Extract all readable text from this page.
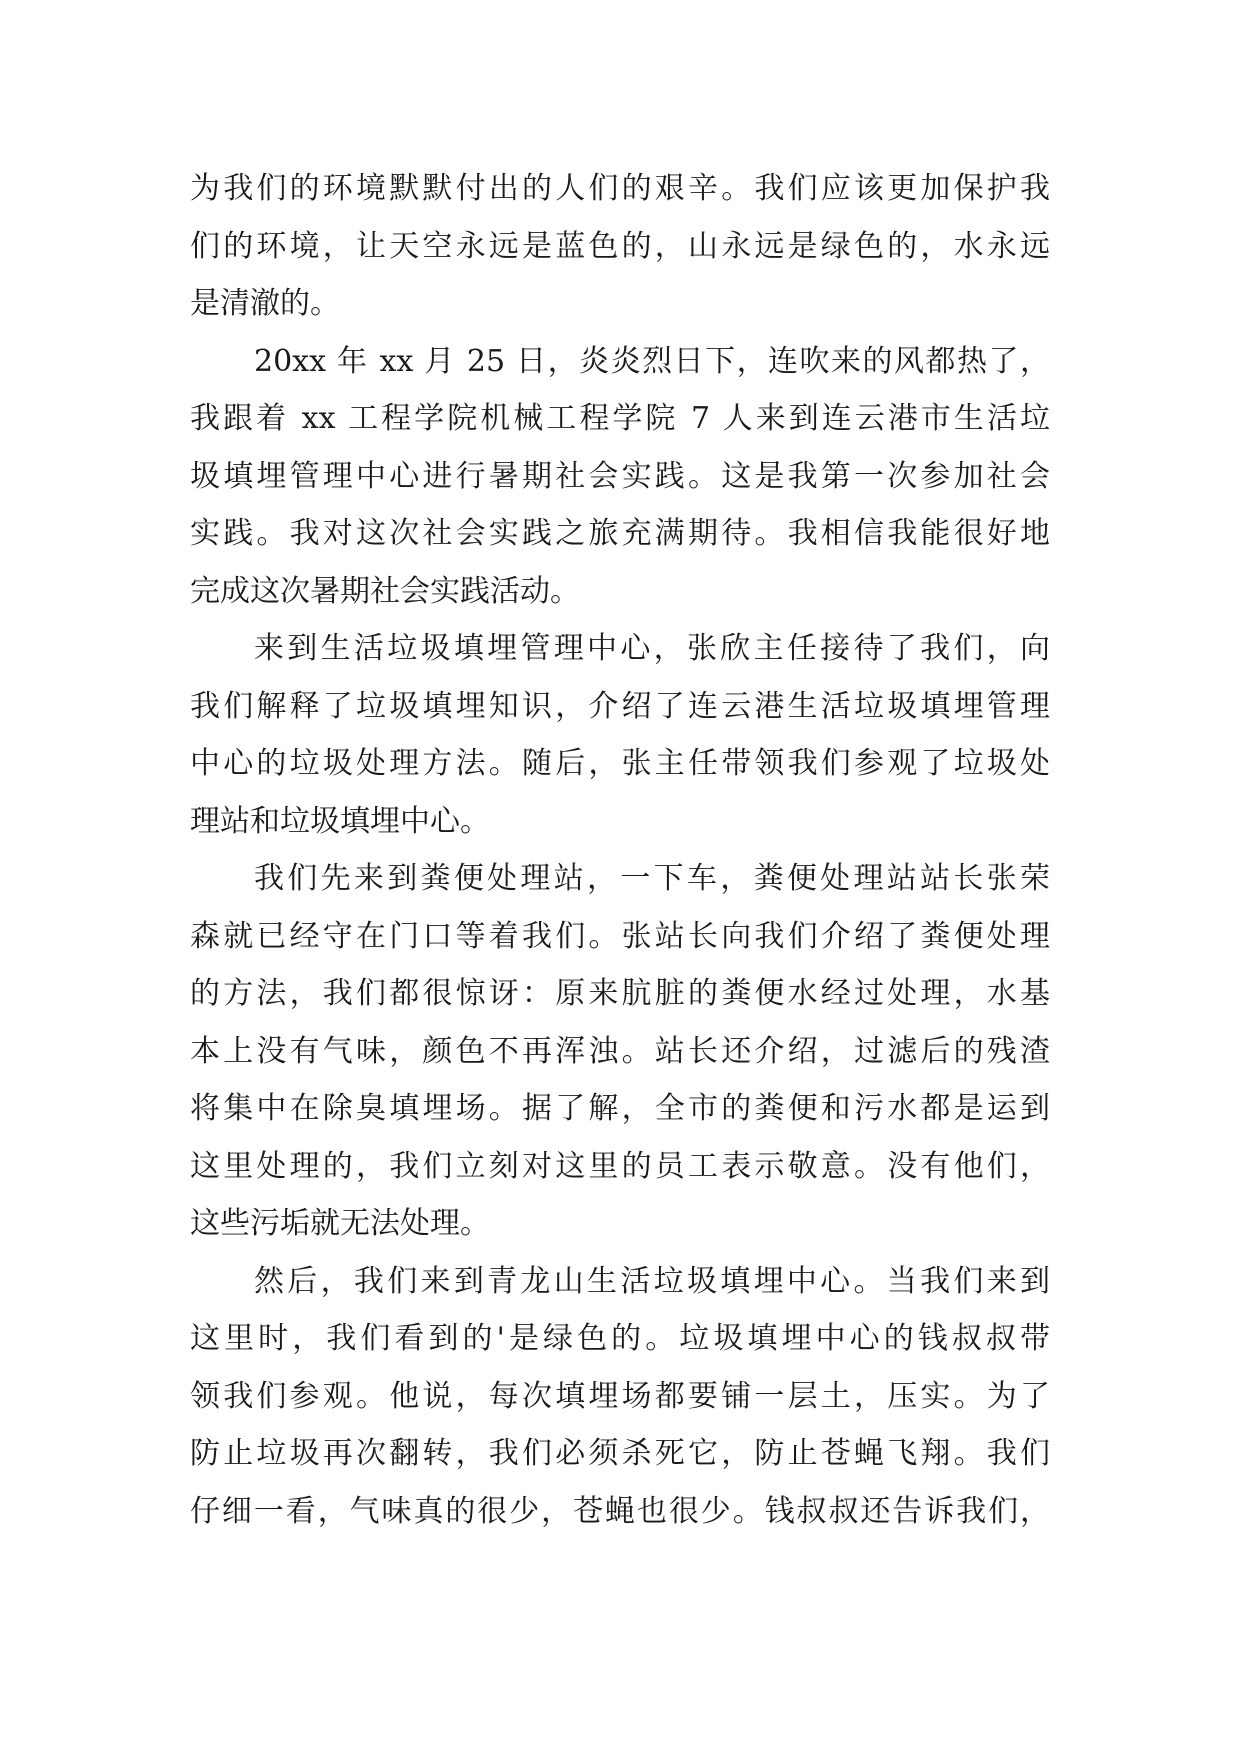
为我们的环境默默付出的人们的艰辛。我们应该更加保护我
们的环境，让天空永远是蓝色的，山永远是绿色的，水永远
是清澈的。
20xx 年 xx 月 25 日，炎炎烈日下，连吹来的风都热了，
我跟着 xx 工程学院机械工程学院 7 人来到连云港市生活垃
圾填埋管理中心进行暑期社会实践。这是我第一次参加社会
实践。我对这次社会实践之旅充满期待。我相信我能很好地
完成这次暑期社会实践活动。
来到生活垃圾填埋管理中心，张欣主任接待了我们，向
我们解释了垃圾填埋知识，介绍了连云港生活垃圾填埋管理
中心的垃圾处理方法。随后，张主任带领我们参观了垃圾处
理站和垃圾填埋中心。
我们先来到粪便处理站，一下车，粪便处理站站长张荣
森就已经守在门口等着我们。张站长向我们介绍了粪便处理
的方法，我们都很惊讶：原来肮脏的粪便水经过处理，水基
本上没有气味，颜色不再浑浊。站长还介绍，过滤后的残渣
将集中在除臭填埋场。据了解，全市的粪便和污水都是运到
这里处理的，我们立刻对这里的员工表示敬意。没有他们，
这些污垢就无法处理。
然后，我们来到青龙山生活垃圾填埋中心。当我们来到
这里时，我们看到的'是绿色的。垃圾填埋中心的钱叔叔带
领我们参观。他说，每次填埋场都要铺一层土，压实。为了
防止垃圾再次翻转，我们必须杀死它，防止苍蝇飞翔。我们
仔细一看，气味真的很少，苍蝇也很少。钱叔叔还告诉我们，
